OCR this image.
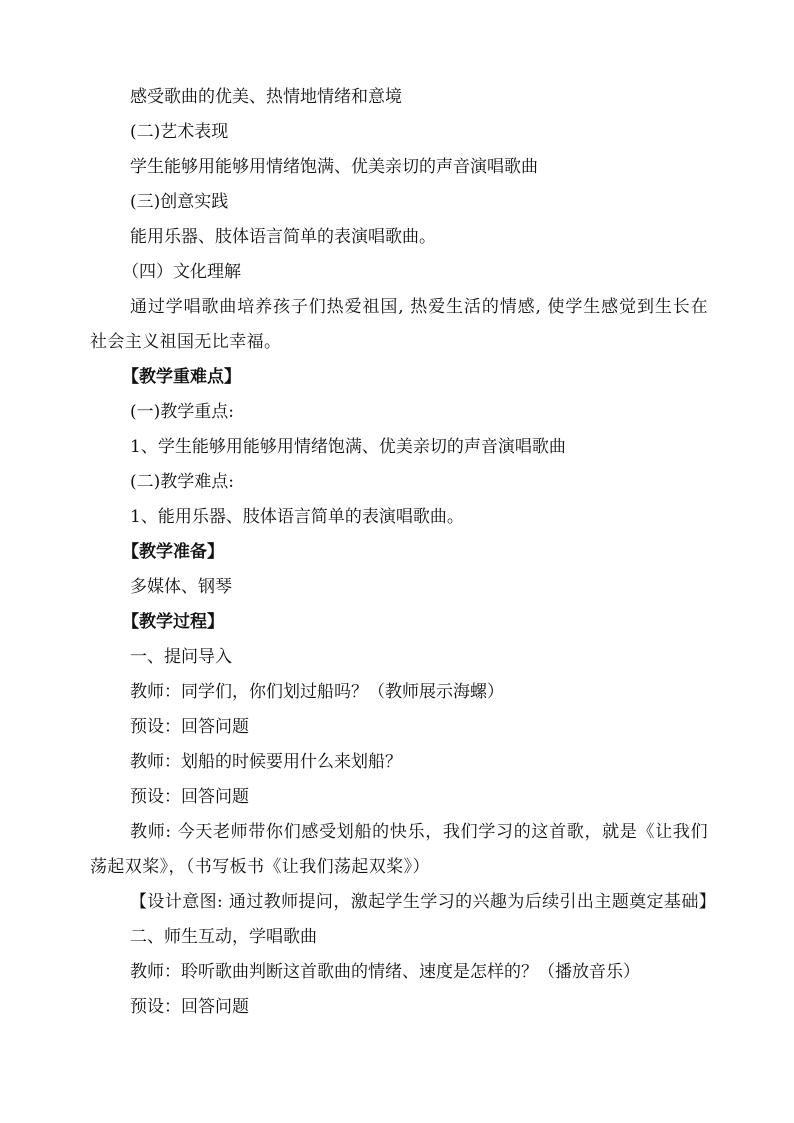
感受歌曲的优美、热情地情绪和意境
(二)艺术表现
学生能够用能够用情绪饱满、优美亲切的声音演唱歌曲
(三)创意实践
能用乐器、肢体语言简单的表演唱歌曲。
（四）文化理解
通过学唱歌曲培养孩子们热爱祖国, 热爱生活的情感, 使学生感觉到生长在社会主义祖国无比幸福。
【教学重难点】
(一)教学重点:
1、学生能够用能够用情绪饱满、优美亲切的声音演唱歌曲
(二)教学难点:
1、能用乐器、肢体语言简单的表演唱歌曲。
【教学准备】
多媒体、钢琴
【教学过程】
一、提问导入
教师：同学们，你们划过船吗？（教师展示海螺）
预设：回答问题
教师：划船的时候要用什么来划船？
预设：回答问题
教师: 今天老师带你们感受划船的快乐，我们学习的这首歌，就是《让我们荡起双桨》，（书写板书《让我们荡起双桨》）
【设计意图: 通过教师提问，激起学生学习的兴趣为后续引出主题奠定基础】
二、师生互动，学唱歌曲
教师：聆听歌曲判断这首歌曲的情绪、速度是怎样的？（播放音乐）
预设：回答问题
